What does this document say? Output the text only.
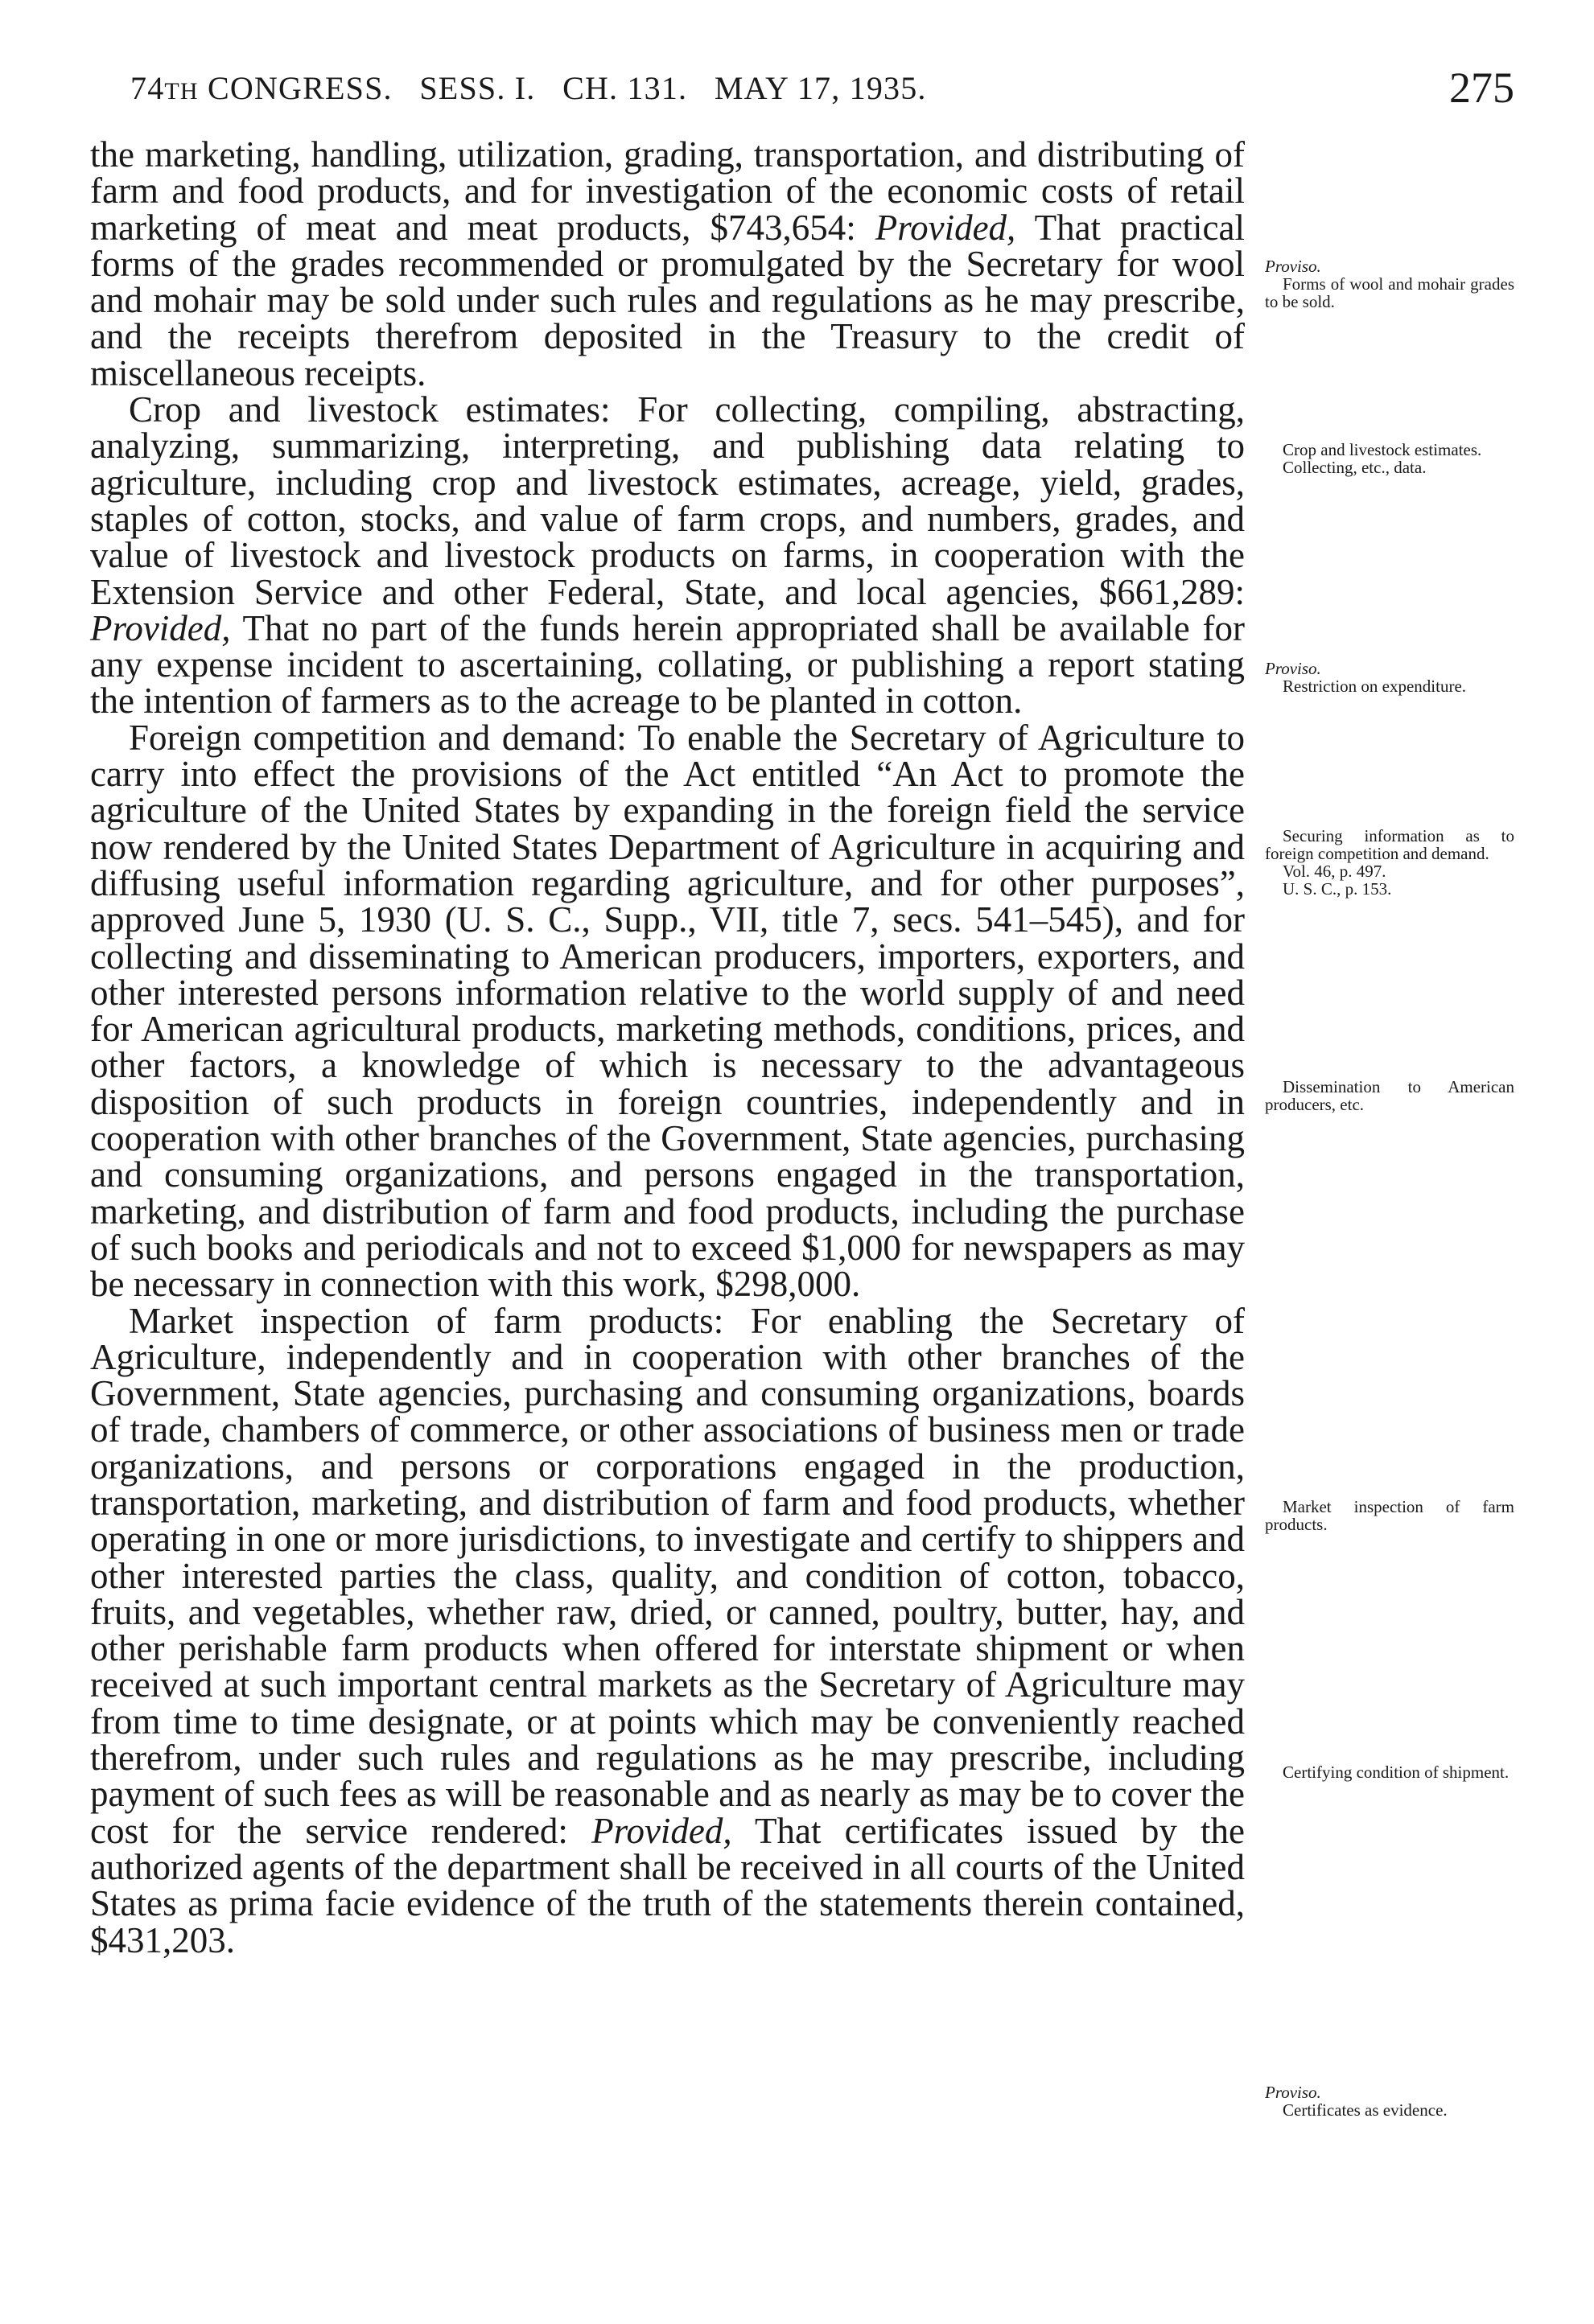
74TH CONGRESS. SESS. I. CH. 131. MAY 17, 1935.	275

the marketing, handling, utilization, grading, transportation, and distributing of farm and food products, and for investigation of the economic costs of retail marketing of meat and meat products, $743,654: Provided, That practical forms of the grades recommended or promulgated by the Secretary for wool and mohair may be sold under such rules and regulations as he may prescribe, and the receipts therefrom deposited in the Treasury to the credit of miscellaneous receipts.

Crop and livestock estimates: For collecting, compiling, abstracting, analyzing, summarizing, interpreting, and publishing data relating to agriculture, including crop and livestock estimates, acreage, yield, grades, staples of cotton, stocks, and value of farm crops, and numbers, grades, and value of livestock and livestock products on farms, in cooperation with the Extension Service and other Federal, State, and local agencies, $661,289: Provided, That no part of the funds herein appropriated shall be available for any expense incident to ascertaining, collating, or publishing a report stating the intention of farmers as to the acreage to be planted in cotton.

Foreign competition and demand: To enable the Secretary of Agriculture to carry into effect the provisions of the Act entitled “An Act to promote the agriculture of the United States by expanding in the foreign field the service now rendered by the United States Department of Agriculture in acquiring and diffusing useful information regarding agriculture, and for other purposes”, approved June 5, 1930 (U. S. C., Supp., VII, title 7, secs. 541–545), and for collecting and disseminating to American producers, importers, exporters, and other interested persons information relative to the world supply of and need for American agricultural products, marketing methods, conditions, prices, and other factors, a knowledge of which is necessary to the advantageous disposition of such products in foreign countries, independently and in cooperation with other branches of the Government, State agencies, purchasing and consuming organizations, and persons engaged in the transportation, marketing, and distribution of farm and food products, including the purchase of such books and periodicals and not to exceed $1,000 for newspapers as may be necessary in connection with this work, $298,000.

Market inspection of farm products: For enabling the Secretary of Agriculture, independently and in cooperation with other branches of the Government, State agencies, purchasing and consuming organizations, boards of trade, chambers of commerce, or other associations of business men or trade organizations, and persons or corporations engaged in the production, transportation, marketing, and distribution of farm and food products, whether operating in one or more jurisdictions, to investigate and certify to shippers and other interested parties the class, quality, and condition of cotton, tobacco, fruits, and vegetables, whether raw, dried, or canned, poultry, butter, hay, and other perishable farm products when offered for interstate shipment or when received at such important central markets as the Secretary of Agriculture may from time to time designate, or at points which may be conveniently reached therefrom, under such rules and regulations as he may prescribe, including payment of such fees as will be reasonable and as nearly as may be to cover the cost for the service rendered: Provided, That certificates issued by the authorized agents of the department shall be received in all courts of the United States as prima facie evidence of the truth of the statements therein contained, $431,203.

Proviso.
Forms of wool and mohair grades to be sold.
Crop and livestock estimates.
Collecting, etc., data.
Proviso.
Restriction on expenditure.
Securing information as to foreign competition and demand.
Vol. 46, p. 497.
U. S. C., p. 153.
Dissemination to American producers, etc.
Market inspection of farm products.
Certifying condition of shipment.
Proviso.
Certificates as evidence.
